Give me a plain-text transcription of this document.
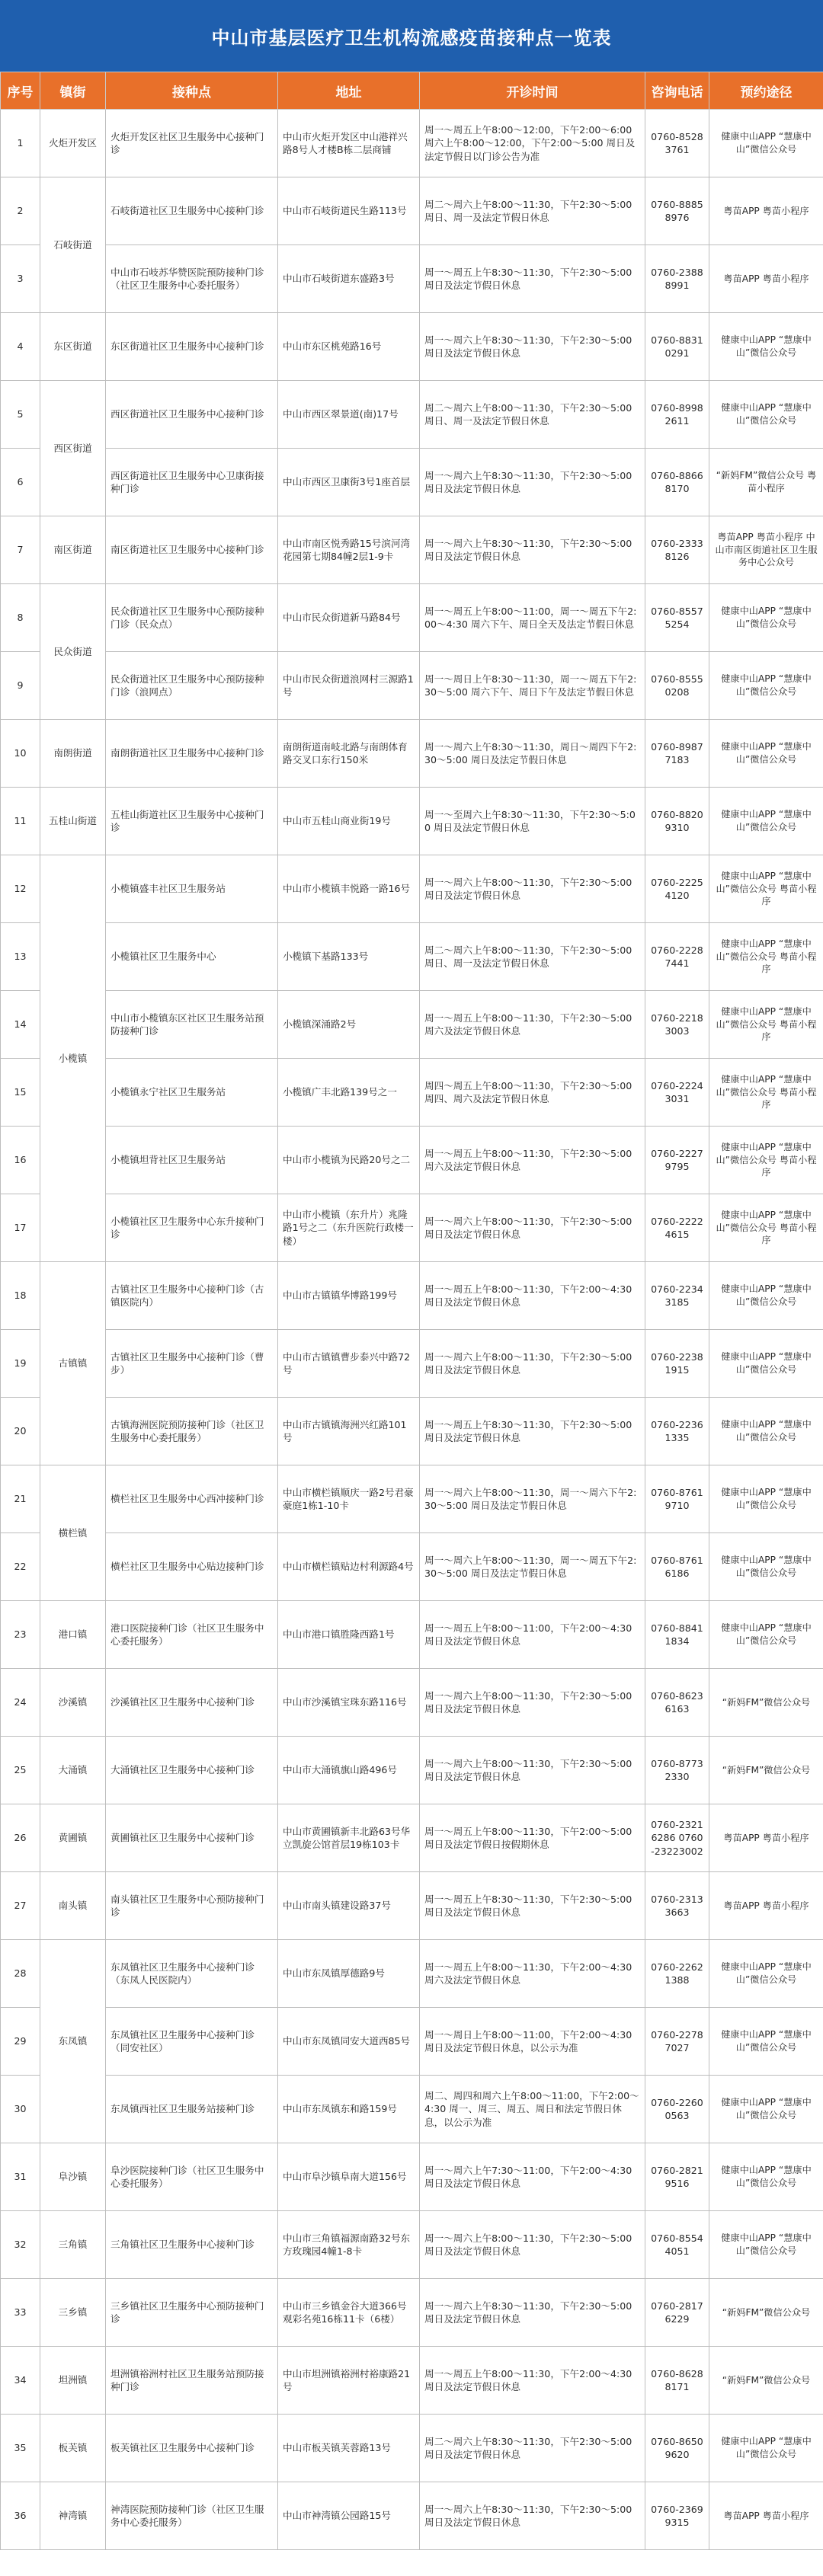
中山市基层医疗卫生机构流感疫苗接种点一览表
序号	镇街	接种点	地址	开诊时间	咨询电话	预约途径
1	火炬开发区	火炬开发区社区卫生服务中心接种门诊	中山市火炬开发区中山港祥兴路8号人才楼B栋二层商铺	周一～周五上午8:00～12:00，下午2:00～6:00 周六上午8:00～12:00，下午2:00～5:00 周日及法定节假日以门诊公告为准	0760-85283761	健康中山APP “慧康中山”微信公众号
2	石岐街道	石岐街道社区卫生服务中心接种门诊	中山市石岐街道民生路113号	周二～周六上午8:00～11:30，下午2:30～5:00 周日、周一及法定节假日休息	0760-88858976	粤苗APP 粤苗小程序
3		中山市石岐苏华赞医院预防接种门诊（社区卫生服务中心委托服务）	中山市石岐街道东盛路3号	周一～周五上午8:30～11:30，下午2:30～5:00 周日及法定节假日休息	0760-23888991	粤苗APP 粤苗小程序
4	东区街道	东区街道社区卫生服务中心接种门诊	中山市东区桃苑路16号	周一～周六上午8:30～11:30，下午2:30～5:00 周日及法定节假日休息	0760-88310291	健康中山APP “慧康中山”微信公众号
5	西区街道	西区街道社区卫生服务中心接种门诊	中山市西区翠景道(南)17号	周二～周六上午8:00～11:30，下午2:30～5:00 周日、周一及法定节假日休息	0760-89982611	健康中山APP “慧康中山”微信公众号
6		西区街道社区卫生服务中心卫康街接种门诊	中山市西区卫康街3号1座首层	周一～周六上午8:30～11:30，下午2:30～5:00 周日及法定节假日休息	0760-88668170	“新妈FM”微信公众号 粤苗小程序
7	南区街道	南区街道社区卫生服务中心接种门诊	中山市南区悦秀路15号滨河湾花园第七期84幢2层1-9卡	周一～周六上午8:30～11:30，下午2:30～5:00 周日及法定节假日休息	0760-23338126	粤苗APP 粤苗小程序 中山市南区街道社区卫生服务中心公众号
8	民众街道	民众街道社区卫生服务中心预防接种门诊（民众点）	中山市民众街道新马路84号	周一～周五上午8:00～11:00，周一～周五下午2:00～4:30 周六下午、周日全天及法定节假日休息	0760-85575254	健康中山APP “慧康中山”微信公众号
9		民众街道社区卫生服务中心预防接种门诊（浪网点）	中山市民众街道浪网村三源路1号	周一～周日上午8:30～11:30，周一～周五下午2:30～5:00 周六下午、周日下午及法定节假日休息	0760-85550208	健康中山APP “慧康中山”微信公众号
10	南朗街道	南朗街道社区卫生服务中心接种门诊	南朗街道南岐北路与南朗体育路交叉口东行150米	周一～周六上午8:30～11:30，周日～周四下午2:30～5:00 周日及法定节假日休息	0760-89877183	健康中山APP “慧康中山”微信公众号
11	五桂山街道	五桂山街道社区卫生服务中心接种门诊	中山市五桂山商业街19号	周一～至周六上午8:30～11:30，下午2:30～5:00 周日及法定节假日休息	0760-88209310	健康中山APP “慧康中山”微信公众号
12	小榄镇	小榄镇盛丰社区卫生服务站	中山市小榄镇丰悦路一路16号	周一～周六上午8:00～11:30，下午2:30～5:00 周日及法定节假日休息	0760-22254120	健康中山APP “慧康中山”微信公众号 粤苗小程序
13		小榄镇社区卫生服务中心	小榄镇下基路133号	周二～周六上午8:00～11:30，下午2:30～5:00 周日、周一及法定节假日休息	0760-22287441	健康中山APP “慧康中山”微信公众号 粤苗小程序
14		中山市小榄镇东区社区卫生服务站预防接种门诊	小榄镇深涌路2号	周一～周五上午8:00～11:30，下午2:30～5:00 周六及法定节假日休息	0760-22183003	健康中山APP “慧康中山”微信公众号 粤苗小程序
15		小榄镇永宁社区卫生服务站	小榄镇广丰北路139号之一	周四～周五上午8:00～11:30，下午2:30～5:00 周四、周六及法定节假日休息	0760-22243031	健康中山APP “慧康中山”微信公众号 粤苗小程序
16		小榄镇坦背社区卫生服务站	中山市小榄镇为民路20号之二	周一～周五上午8:00～11:30，下午2:30～5:00 周六及法定节假日休息	0760-22279795	健康中山APP “慧康中山”微信公众号 粤苗小程序
17		小榄镇社区卫生服务中心东升接种门诊	中山市小榄镇（东升片）兆隆路1号之二（东升医院行政楼一楼）	周一～周六上午8:00～11:30，下午2:30～5:00 周日及法定节假日休息	0760-22224615	健康中山APP “慧康中山”微信公众号 粤苗小程序
18	古镇镇	古镇社区卫生服务中心接种门诊（古镇医院内）	中山市古镇镇华博路199号	周一～周五上午8:00～11:30，下午2:00～4:30 周日及法定节假日休息	0760-22343185	健康中山APP “慧康中山”微信公众号
19		古镇社区卫生服务中心接种门诊（曹步）	中山市古镇镇曹步泰兴中路72号	周一～周六上午8:00～11:30，下午2:30～5:00 周日及法定节假日休息	0760-22381915	健康中山APP “慧康中山”微信公众号
20		古镇海洲医院预防接种门诊（社区卫生服务中心委托服务）	中山市古镇镇海洲兴红路101号	周一～周五上午8:30～11:30，下午2:30～5:00 周日及法定节假日休息	0760-22361335	健康中山APP “慧康中山”微信公众号
21	横栏镇	横栏社区卫生服务中心西冲接种门诊	中山市横栏镇顺庆一路2号君豪豪庭1栋1-10卡	周一～周六上午8:00～11:30，周一～周六下午2:30～5:00 周日及法定节假日休息	0760-87619710	健康中山APP “慧康中山”微信公众号
22		横栏社区卫生服务中心贴边接种门诊	中山市横栏镇贴边村利源路4号	周一～周六上午8:00～11:30，周一～周五下午2:30～5:00 周日及法定节假日休息	0760-87616186	健康中山APP “慧康中山”微信公众号
23	港口镇	港口医院接种门诊（社区卫生服务中心委托服务）	中山市港口镇胜隆西路1号	周一～周五上午8:00～11:00，下午2:00～4:30 周日及法定节假日休息	0760-88411834	健康中山APP “慧康中山”微信公众号
24	沙溪镇	沙溪镇社区卫生服务中心接种门诊	中山市沙溪镇宝珠东路116号	周一～周六上午8:00～11:30，下午2:30～5:00 周日及法定节假日休息	0760-86236163	“新妈FM”微信公众号
25	大涌镇	大涌镇社区卫生服务中心接种门诊	中山市大涌镇旗山路496号	周一～周六上午8:00～11:30，下午2:30～5:00 周日及法定节假日休息	0760-87732330	“新妈FM”微信公众号
26	黄圃镇	黄圃镇社区卫生服务中心接种门诊	中山市黄圃镇新丰北路63号华立凯旋公馆首层19栋103卡	周一～周五上午8:00～11:30，下午2:00～5:00 周日及法定节假日按假期休息	0760-23216286 0760-23223002	粤苗APP 粤苗小程序
27	南头镇	南头镇社区卫生服务中心预防接种门诊	中山市南头镇建设路37号	周一～周五上午8:30～11:30，下午2:30～5:00 周日及法定节假日休息	0760-23133663	粤苗APP 粤苗小程序
28	东凤镇	东凤镇社区卫生服务中心接种门诊（东凤人民医院内）	中山市东凤镇厚德路9号	周一～周五上午8:00～11:30，下午2:00～4:30 周六及法定节假日休息	0760-22621388	健康中山APP “慧康中山”微信公众号
29		东凤镇社区卫生服务中心接种门诊（同安社区）	中山市东凤镇同安大道西85号	周一～周日上午8:00～11:00，下午2:00～4:30 周日及法定节假日休息，以公示为准	0760-22787027	健康中山APP “慧康中山”微信公众号
30		东凤镇西社区卫生服务站接种门诊	中山市东凤镇东和路159号	周二、周四和周六上午8:00～11:00，下午2:00～4:30 周一、周三、周五、周日和法定节假日休息，以公示为准	0760-22600563	健康中山APP “慧康中山”微信公众号
31	阜沙镇	阜沙医院接种门诊（社区卫生服务中心委托服务）	中山市阜沙镇阜南大道156号	周一～周六上午7:30～11:00，下午2:00～4:30 周日及法定节假日休息	0760-28219516	健康中山APP “慧康中山”微信公众号
32	三角镇	三角镇社区卫生服务中心接种门诊	中山市三角镇福源南路32号东方玫瑰园4幢1-8卡	周一～周六上午8:00～11:30，下午2:30～5:00 周日及法定节假日休息	0760-85544051	健康中山APP “慧康中山”微信公众号
33	三乡镇	三乡镇社区卫生服务中心预防接种门诊	中山市三乡镇金谷大道366号观彩名苑16栋11卡（6楼）	周一～周六上午8:30～11:30，下午2:30～5:00 周日及法定节假日休息	0760-28176229	“新妈FM”微信公众号
34	坦洲镇	坦洲镇裕洲村社区卫生服务站预防接种门诊	中山市坦洲镇裕洲村裕康路21号	周一～周五上午8:00～11:30，下午2:00～4:30 周日及法定节假日休息	0760-86288171	“新妈FM”微信公众号
35	板芙镇	板芙镇社区卫生服务中心接种门诊	中山市板芙镇芙蓉路13号	周二～周六上午8:30～11:30，下午2:30～5:00 周日及法定节假日休息	0760-86509620	健康中山APP “慧康中山”微信公众号
36	神湾镇	神湾医院预防接种门诊（社区卫生服务中心委托服务）	中山市神湾镇公园路15号	周一～周六上午8:30～11:30，下午2:30～5:00 周日及法定节假日休息	0760-23699315	粤苗APP 粤苗小程序
